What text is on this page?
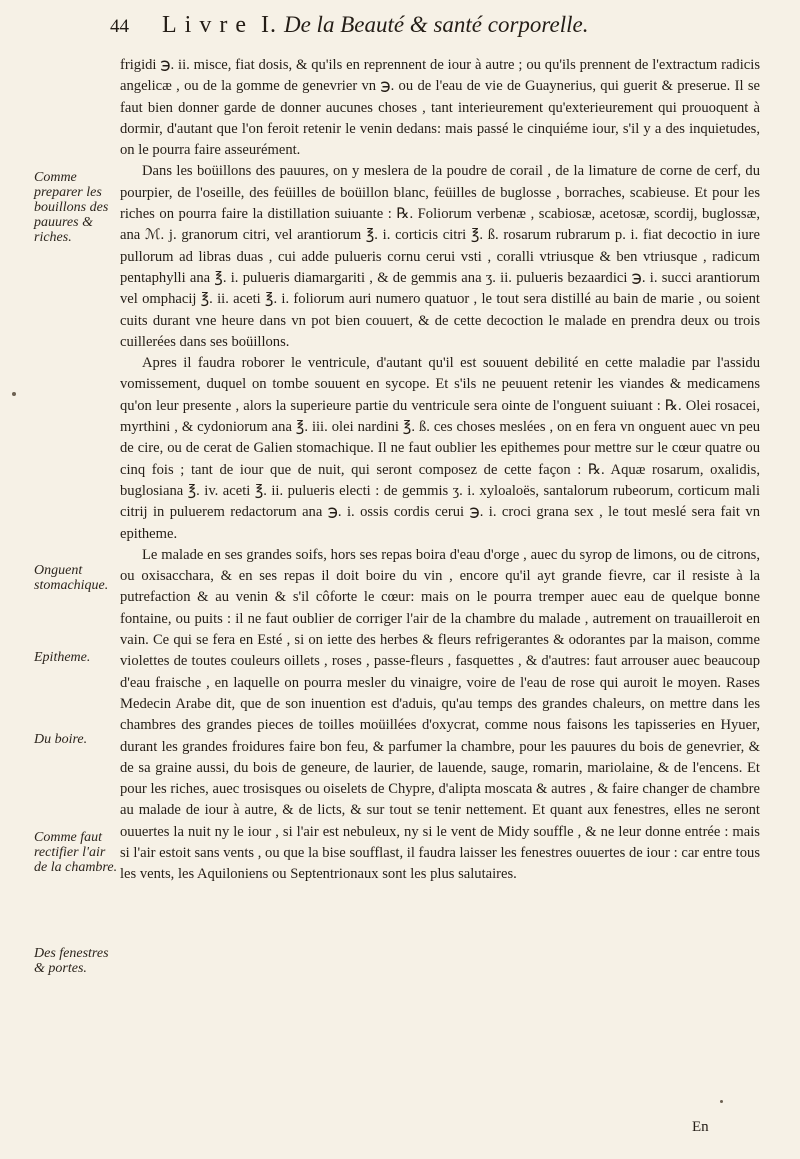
44 Livre I. De la Beauté & santé corporelle.
Comme preparer les bouillons des pauures & riches.
Onguent stomachique.
Epitheme.
Du boire.
Comme faut rectifier l'air de la chambre.
Des fenestres & portes.

frigidi ℈. ii. misce, fiat dosis, & qu'ils en reprennent de iour à autre ; ou qu'ils prennent de l'extractum radicis angelicæ , ou de la gomme de genevrier vn ℈. ou de l'eau de vie de Guaynerius, qui guerit & preserue. Il se faut bien donner garde de donner aucunes choses , tant interieurement qu'exterieurement qui prouoquent à dormir, d'autant que l'on feroit retenir le venin dedans: mais passé le cinquiéme iour, s'il y a des inquietudes, on le pourra faire asseurément.

Dans les boüillons des pauures, on y meslera de la poudre de corail , de la limature de corne de cerf, du pourpier, de l'oseille, des feüilles de boüillon blanc, feüilles de buglosse , borraches, scabieuse. Et pour les riches on pourra faire la distillation suiuante : ℞. Foliorum verbenæ , scabiosæ, acetosæ, scordij, buglossæ, ana ℳ. j. granorum citri, vel arantiorum ℥. i. corticis citri ℥. ß. rosarum rubrarum p. i. fiat decoctio in iure pullorum ad libras duas , cui adde pulueris cornu cerui vsti , coralli vtriusque & ben vtriusque , radicum pentaphylli ana ℥. i. pulueris diamargariti , & de gemmis ana ʒ. ii. pulueris bezaardici ℈. i. succi arantiorum vel omphacij ℥. ii. aceti ℥. i. foliorum auri numero quatuor , le tout sera distillé au bain de marie , ou soient cuits durant vne heure dans vn pot bien couuert, & de cette decoction le malade en prendra deux ou trois cuillerées dans ses boüillons.

Apres il faudra roborer le ventricule, d'autant qu'il est souuent debilité en cette maladie par l'assidu vomissement, duquel on tombe souuent en sycope. Et s'ils ne peuuent retenir les viandes & medicamens qu'on leur presente , alors la superieure partie du ventricule sera ointe de l'onguent suiuant : ℞. Olei rosacei, myrthini , & cydoniorum ana ℥. iii. olei nardini ℥. ß. ces choses meslées , on en fera vn onguent auec vn peu de cire, ou de cerat de Galien stomachique. Il ne faut oublier les epithemes pour mettre sur le cœur quatre ou cinq fois ; tant de iour que de nuit, qui seront composez de cette façon : ℞. Aquæ rosarum, oxalidis, buglosiana ℥. iv. aceti ℥. ii. pulueris electi : de gemmis ʒ. i. xyloaloës, santalorum rubeorum, corticum mali citrij in puluerem redactorum ana ℈. i. ossis cordis cerui ℈. i. croci grana sex , le tout meslé sera fait vn epitheme.

Le malade en ses grandes soifs, hors ses repas boira d'eau d'orge , auec du syrop de limons, ou de citrons, ou oxisacchara, & en ses repas il doit boire du vin , encore qu'il ayt grande fievre, car il resiste à la putrefaction & au venin & s'il côforte le cœur: mais on le pourra tremper auec eau de quelque bonne fontaine, ou puits : il ne faut oublier de corriger l'air de la chambre du malade , autrement on trauailleroit en vain. Ce qui se fera en Esté , si on iette des herbes & fleurs refrigerantes & odorantes par la maison, comme violettes de toutes couleurs oillets , roses , passe-fleurs , fasquettes , & d'autres: faut arrouser auec beaucoup d'eau fraische , en laquelle on pourra mesler du vinaigre, voire de l'eau de rose qui auroit le moyen. Rases Medecin Arabe dit, que de son inuention est d'aduis, qu'au temps des grandes chaleurs, on mettre dans les chambres des grandes pieces de toilles moüillées d'oxycrat, comme nous faisons les tapisseries en Hyuer, durant les grandes froidures faire bon feu, & parfumer la chambre, pour les pauures du bois de genevrier, & de sa graine aussi, du bois de geneure, de laurier, de lauende, sauge, romarin, mariolaine, & de l'encens. Et pour les riches, auec trosisques ou oiselets de Chypre, d'alipta moscata & autres , & faire changer de chambre au malade de iour à autre, & de licts, & sur tout se tenir nettement. Et quant aux fenestres, elles ne seront ouuertes la nuit ny le iour , si l'air est nebuleux, ny si le vent de Midy souffle , & ne leur donne entrée : mais si l'air estoit sans vents , ou que la bise soufflast, il faudra laisser les fenestres ouuertes de iour : car entre tous les vents, les Aquiloniens ou Septentrionaux sont les plus salutaires.

En
